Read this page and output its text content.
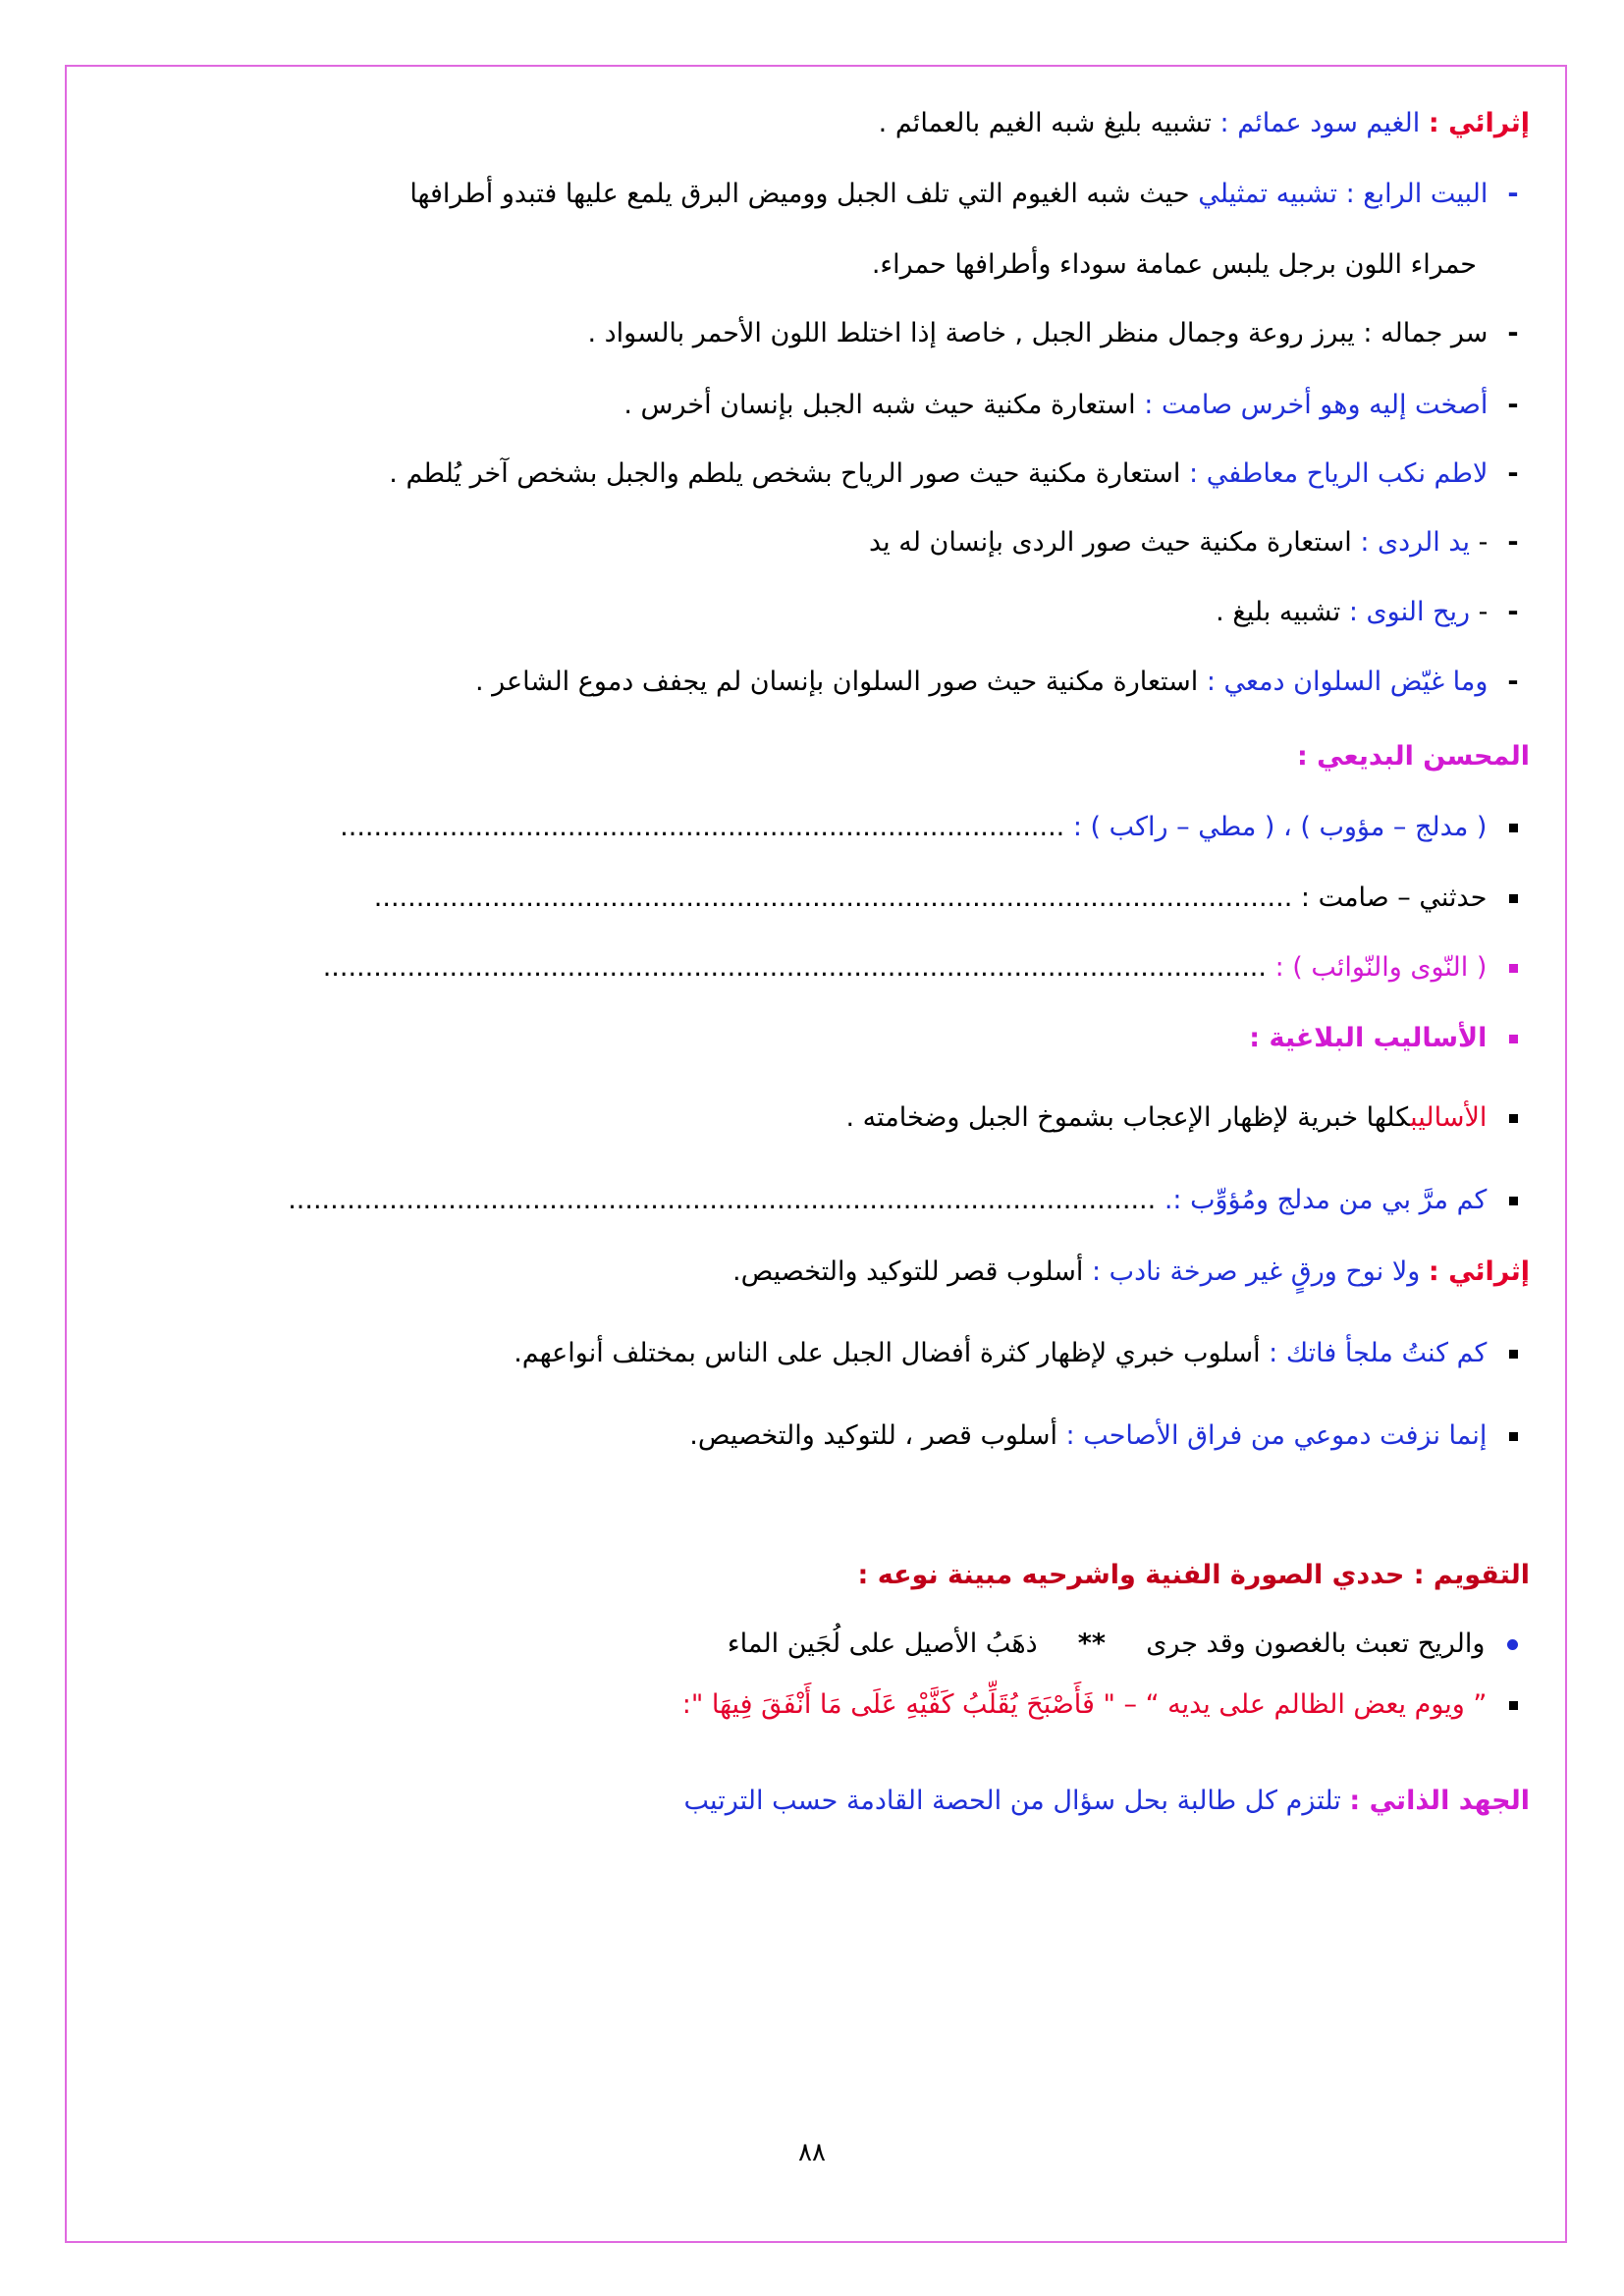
إثرائي : الغيم سود عمائم : تشبيه بليغ شبه الغيم بالعمائم .
- البيت الرابع : تشبيه تمثيلي حيث شبه الغيوم التي تلف الجبل ووميض البرق يلمع عليها فتبدو أطرافها
حمراء اللون برجل يلبس عمامة سوداء وأطرافها حمراء.
- سر جماله : يبرز روعة وجمال منظر الجبل , خاصة إذا اختلط اللون الأحمر بالسواد .
- أصخت إليه وهو أخرس صامت : استعارة مكنية حيث شبه الجبل بإنسان أخرس .
- لاطم نكب الرياح معاطفي : استعارة مكنية حيث صور الرياح بشخص يلطم والجبل بشخص آخر يُلطم .
- - يد الردى : استعارة مكنية حيث صور الردى بإنسان له يد
- - ريح النوى : تشبيه بليغ .
- وما غيّض السلوان دمعي : استعارة مكنية حيث صور السلوان بإنسان لم يجفف دموع الشاعر .
المحسن البديعي :
( مدلج – مؤوب ) ، ( مطي – راكب ) : ......................................................................................
حدثني – صامت : .............................................................................................................
( النّوى والنّوائب ) : ................................................................................................................
الأساليب البلاغية :
الأساليبكلها خبرية لإظهار الإعجاب بشموخ الجبل وضخامته .
كم مرَّ بي من مدلج ومُؤوِّب :. .......................................................................................................
إثرائي : ولا نوح ورقٍ غير صرخة نادب : أسلوب قصر للتوكيد والتخصيص.
كم كنتُ ملجأ فاتك : أسلوب خبري لإظهار كثرة أفضال الجبل على الناس بمختلف أنواعهم.
إنما نزفت دموعي من فراق الأصاحب : أسلوب قصر ، للتوكيد والتخصيص.
التقويم : حددي الصورة الفنية واشرحيه مبينة نوعه :
والريح تعبث بالغصون وقد جرى  **  ذهَبُ الأصيل على لُجَين الماء
” ويوم يعض الظالم على يديه “ – " فَأَصْبَحَ يُقَلِّبُ كَفَّيْهِ عَلَى مَا أَنْفَقَ فِيهَا ":
الجهد الذاتي : تلتزم كل طالبة بحل سؤال من الحصة القادمة حسب الترتيب
٨٨
